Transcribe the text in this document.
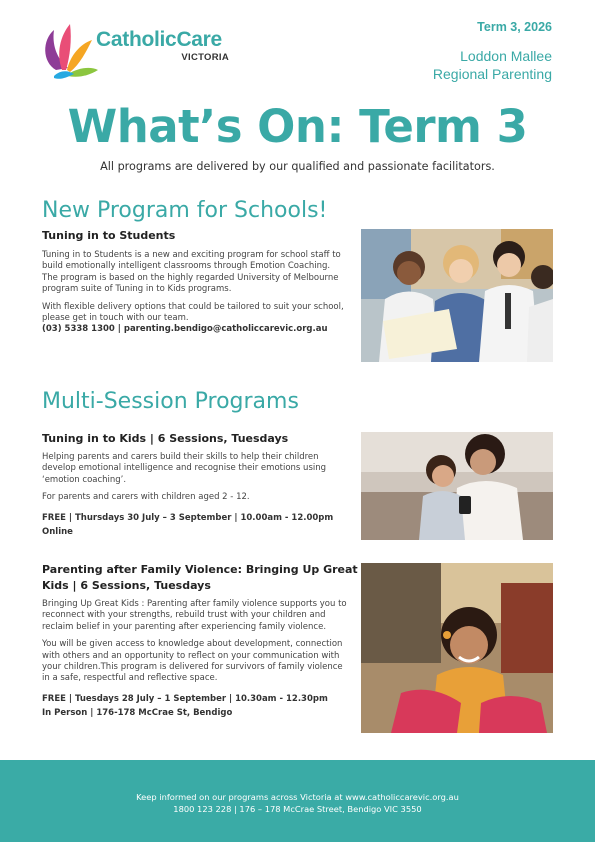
CatholicCare
VICTORIA
Term 3, 2026
Loddon Mallee
Regional Parenting
What’s On: Term 3
All programs are delivered by our qualified and passionate facilitators.
New Program for Schools!
Tuning in to Students

Tuning in to Students is a new and exciting program for school staff to build emotionally intelligent classrooms through Emotion Coaching. The program is based on the highly regarded University of Melbourne program suite of Tuning in to Kids programs.

With flexible delivery options that could be tailored to suit your school, please get in touch with our team.

(03) 5338 1300 | parenting.bendigo@catholiccarevic.org.au
Multi-Session Programs
Tuning in to Kids | 6 Sessions, Tuesdays

Helping parents and carers build their skills to help their children develop emotional intelligence and recognise their emotions using ‘emotion coaching’.

For parents and carers with children aged 2 - 12.

FREE | Thursdays 30 July – 3 September | 10.00am - 12.00pm
Online
Parenting after Family Violence: Bringing Up Great
Kids | 6 Sessions, Tuesdays

Bringing Up Great Kids : Parenting after family violence supports you to reconnect with your strengths, rebuild trust with your children and reclaim belief in your parenting after experiencing family violence.

You will be given access to knowledge about development, connection with others and an opportunity to reflect on your communication with your children.This program is delivered for survivors of family violence in a safe, respectful and reflective space.

FREE | Tuesdays 28 July – 1 September | 10.30am - 12.30pm
In Person | 176-178 McCrae St, Bendigo
Keep informed on our programs across Victoria at www.catholiccarevic.org.au
1800 123 228 | 176 – 178 McCrae Street, Bendigo VIC 3550
